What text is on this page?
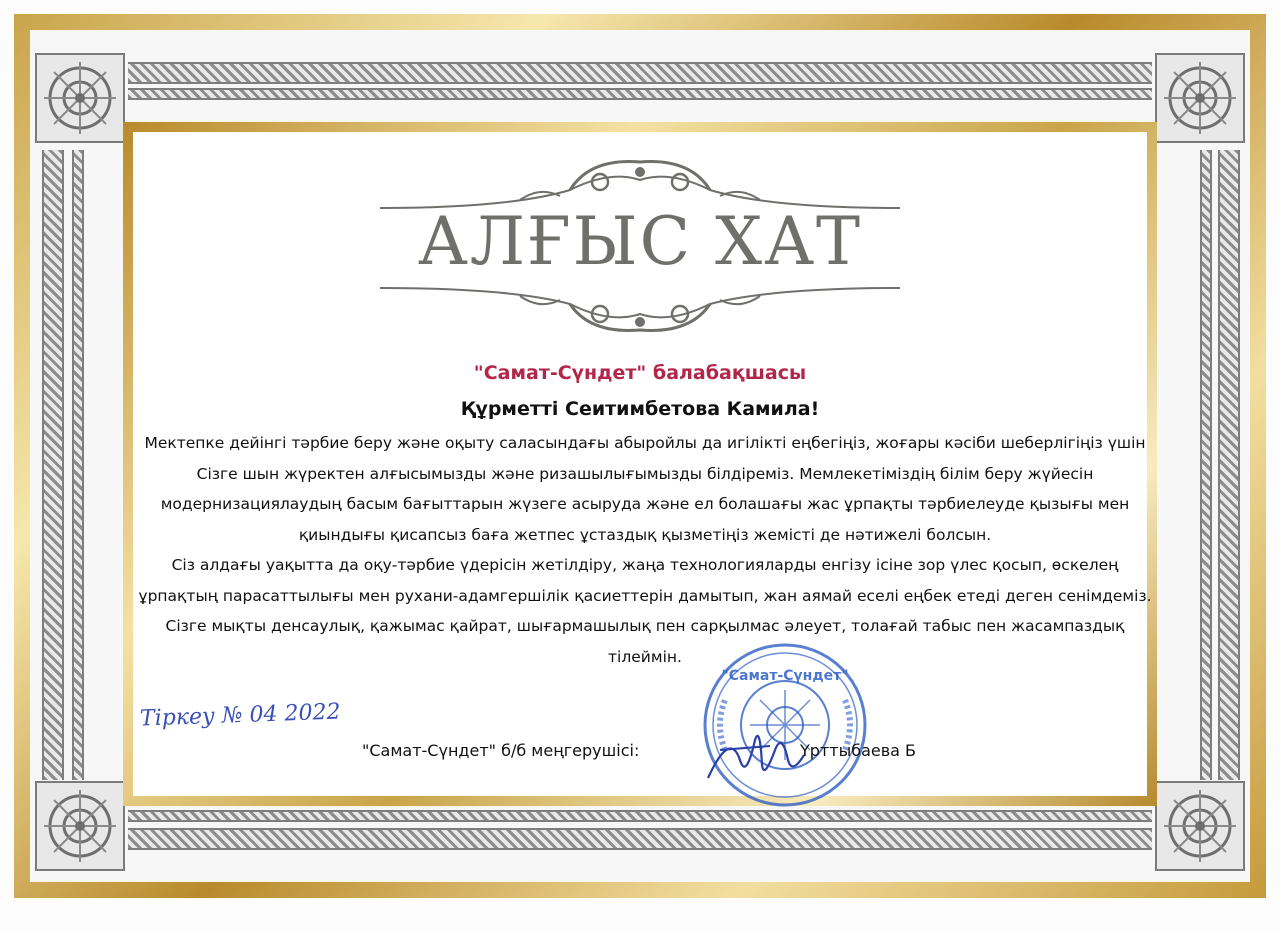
АЛҒЫС ХАТ
"Самат-Сүндет" балабақшасы
Құрметті Сеитимбетова Камила!

Мектепке дейінгі тәрбие беру және оқыту саласындағы абыройлы да игілікті еңбегіңіз, жоғары кәсіби шеберлігіңіз үшін Сізге шын жүректен алғысымызды және ризашылығымызды білдіреміз. Мемлекетіміздің білім беру жүйесін модернизациялаудың басым бағыттарын жүзеге асыруда және ел болашағы жас ұрпақты тәрбиелеуде қызығы мен қиындығы қисапсыз баға жетпес ұстаздық қызметіңіз жемісті де нәтижелі болсын.

Сіз алдағы уақытта да оқу-тәрбие үдерісін жетілдіру, жаңа технологияларды енгізу ісіне зор үлес қосып, өскелең ұрпақтың парасаттылығы мен рухани-адамгершілік қасиеттерін дамытып, жан аямай еселі еңбек етеді деген сенімдеміз.

Сізге мықты денсаулық, қажымас қайрат, шығармашылық пен сарқылмас әлеует, толағай табыс пен жасампаздық тілеймін.

Тіркеу № 04 2022
"Самат-Сүндет"
"Самат-Сүндет" б/б меңгерушісі:	Үрттыбаева Б
